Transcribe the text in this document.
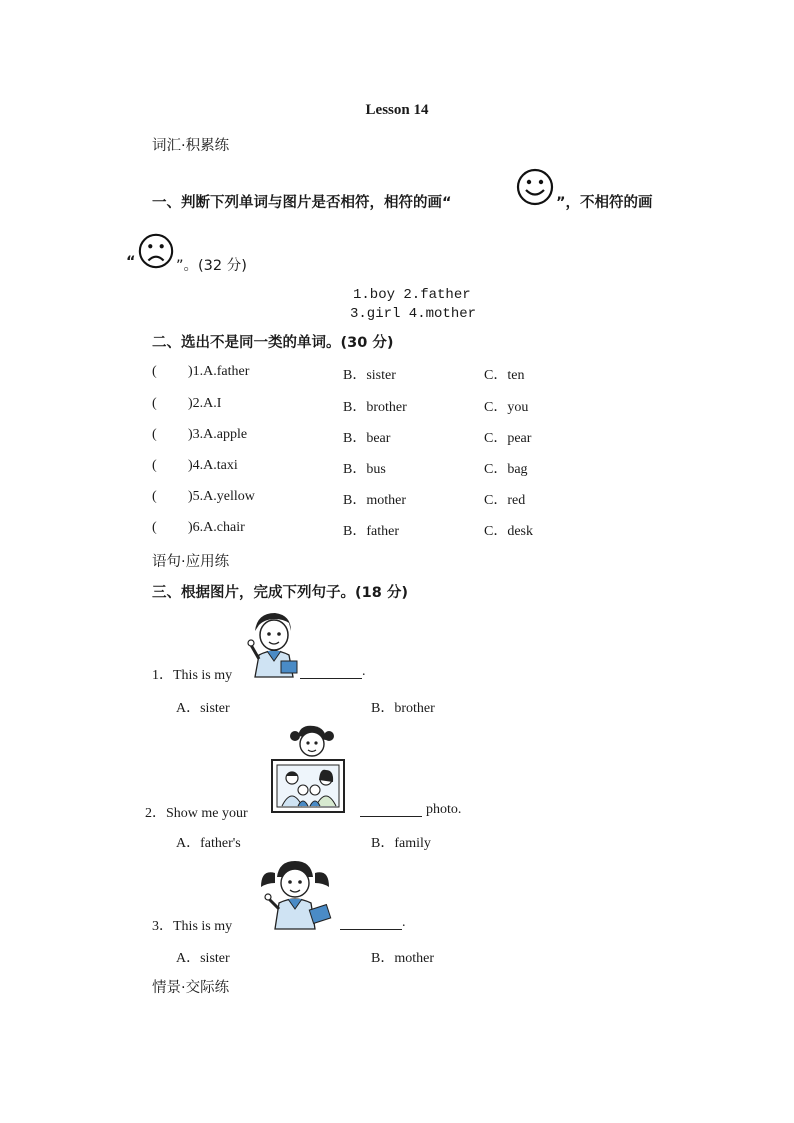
Lesson 14
词汇·积累练
一、判断下列单词与图片是否相符，相符的画“	”，不相符的画
“	”。(32 分)
1.boy 2.father
3.girl 4.mother
二、选出不是同一类的单词。(30 分)
( )1.A.father	B．sister	C．ten
( )2.A.I	B．brother	C．you
( )3.A.apple	B．bear	C．pear
( )4.A.taxi	B．bus	C．bag
( )5.A.yellow	B．mother	C．red
( )6.A.chair	B．father	C．desk
语句·应用练
三、根据图片，完成下列句子。(18 分)
1．This is my	.
A．sister	B．brother
2．Show me your	photo.
A．father's	B．family
3．This is my	.
A．sister	B．mother
情景·交际练
